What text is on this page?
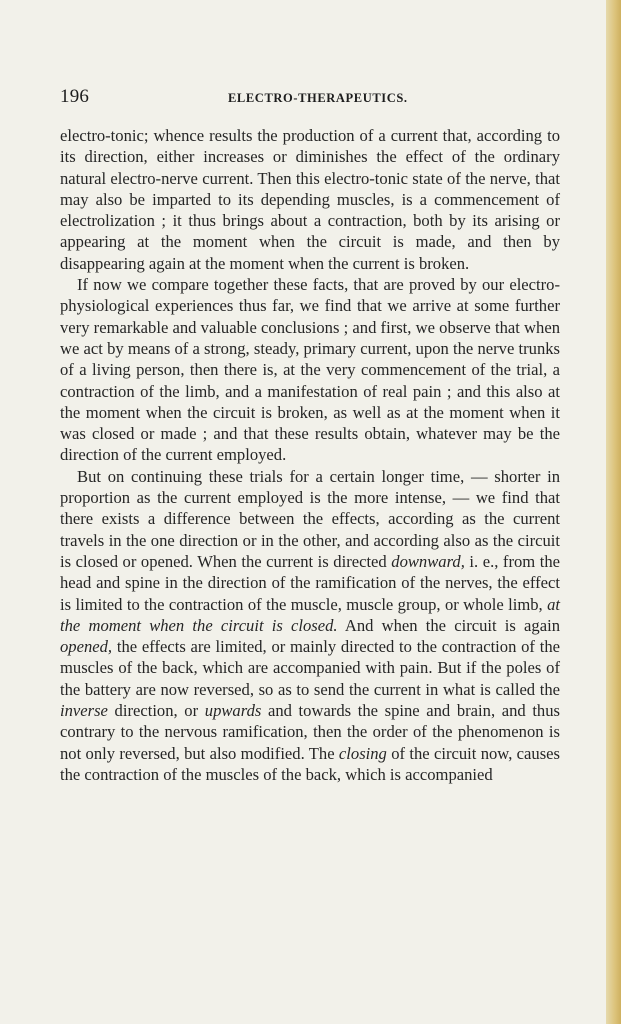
196	ELECTRO-THERAPEUTICS.

electro-tonic; whence results the production of a current that, according to its direction, either increases or diminishes the effect of the ordinary natural electro-nerve current. Then this electro-tonic state of the nerve, that may also be imparted to its depending muscles, is a commencement of electrolization ; it thus brings about a contraction, both by its arising or appearing at the moment when the circuit is made, and then by disappearing again at the moment when the current is broken.

If now we compare together these facts, that are proved by our electro-physiological experiences thus far, we find that we arrive at some further very remarkable and valuable conclusions ; and first, we observe that when we act by means of a strong, steady, primary current, upon the nerve trunks of a living person, then there is, at the very commencement of the trial, a contraction of the limb, and a manifestation of real pain ; and this also at the moment when the circuit is broken, as well as at the moment when it was closed or made ; and that these results obtain, whatever may be the direction of the current employed.

But on continuing these trials for a certain longer time, — shorter in proportion as the current employed is the more intense, — we find that there exists a difference between the effects, according as the current travels in the one direction or in the other, and according also as the circuit is closed or opened. When the current is directed downward, i. e., from the head and spine in the direction of the ramification of the nerves, the effect is limited to the contraction of the muscle, muscle group, or whole limb, at the moment when the circuit is closed. And when the circuit is again opened, the effects are limited, or mainly directed to the contraction of the muscles of the back, which are accompanied with pain. But if the poles of the battery are now reversed, so as to send the current in what is called the inverse direction, or upwards and towards the spine and brain, and thus contrary to the nervous ramification, then the order of the phenomenon is not only reversed, but also modified. The closing of the circuit now, causes the contraction of the muscles of the back, which is accompanied
